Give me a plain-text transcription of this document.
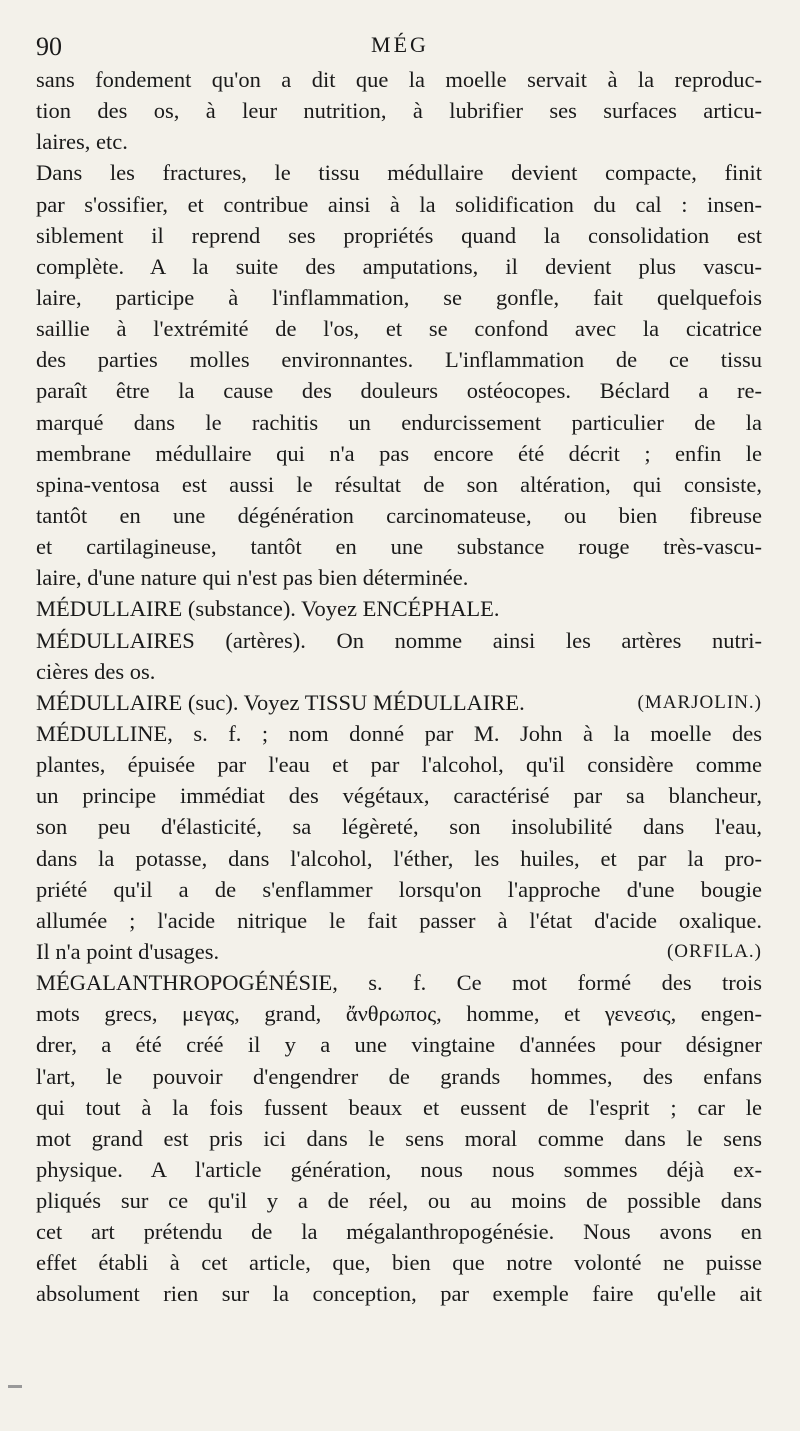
90	MÉG
sans fondement qu'on a dit que la moelle servait à la reproduc-
tion des os, à leur nutrition, à lubrifier ses surfaces articu-
laires, etc.
Dans les fractures, le tissu médullaire devient compacte, finit
par s'ossifier, et contribue ainsi à la solidification du cal : insen-
siblement il reprend ses propriétés quand la consolidation est
complète. A la suite des amputations, il devient plus vascu-
laire, participe à l'inflammation, se gonfle, fait quelquefois
saillie à l'extrémité de l'os, et se confond avec la cicatrice
des parties molles environnantes. L'inflammation de ce tissu
paraît être la cause des douleurs ostéocopes. Béclard a re-
marqué dans le rachitis un endurcissement particulier de la
membrane médullaire qui n'a pas encore été décrit ; enfin le
spina-ventosa est aussi le résultat de son altération, qui consiste,
tantôt en une dégénération carcinomateuse, ou bien fibreuse
et cartilagineuse, tantôt en une substance rouge très-vascu-
laire, d'une nature qui n'est pas bien déterminée.
MÉDULLAIRE (substance). Voyez ENCÉPHALE.
MÉDULLAIRES (artères). On nomme ainsi les artères nutri-
cières des os.
MÉDULLAIRE (suc). Voyez TISSU MÉDULLAIRE.	(MARJOLIN.)
MÉDULLINE, s. f. ; nom donné par M. John à la moelle des
plantes, épuisée par l'eau et par l'alcohol, qu'il considère comme
un principe immédiat des végétaux, caractérisé par sa blancheur,
son peu d'élasticité, sa légèreté, son insolubilité dans l'eau,
dans la potasse, dans l'alcohol, l'éther, les huiles, et par la pro-
priété qu'il a de s'enflammer lorsqu'on l'approche d'une bougie
allumée ; l'acide nitrique le fait passer à l'état d'acide oxalique.
Il n'a point d'usages.	(ORFILA.)
MÉGALANTHROPOGÉNÉSIE, s. f. Ce mot formé des trois
mots grecs, μεγας, grand, ἄνθρωπος, homme, et γενεσις, engen-
drer, a été créé il y a une vingtaine d'années pour désigner
l'art, le pouvoir d'engendrer de grands hommes, des enfans
qui tout à la fois fussent beaux et eussent de l'esprit ; car le
mot grand est pris ici dans le sens moral comme dans le sens
physique. A l'article génération, nous nous sommes déjà ex-
pliqués sur ce qu'il y a de réel, ou au moins de possible dans
cet art prétendu de la mégalanthropogénésie. Nous avons en
effet établi à cet article, que, bien que notre volonté ne puisse
absolument rien sur la conception, par exemple faire qu'elle ait
